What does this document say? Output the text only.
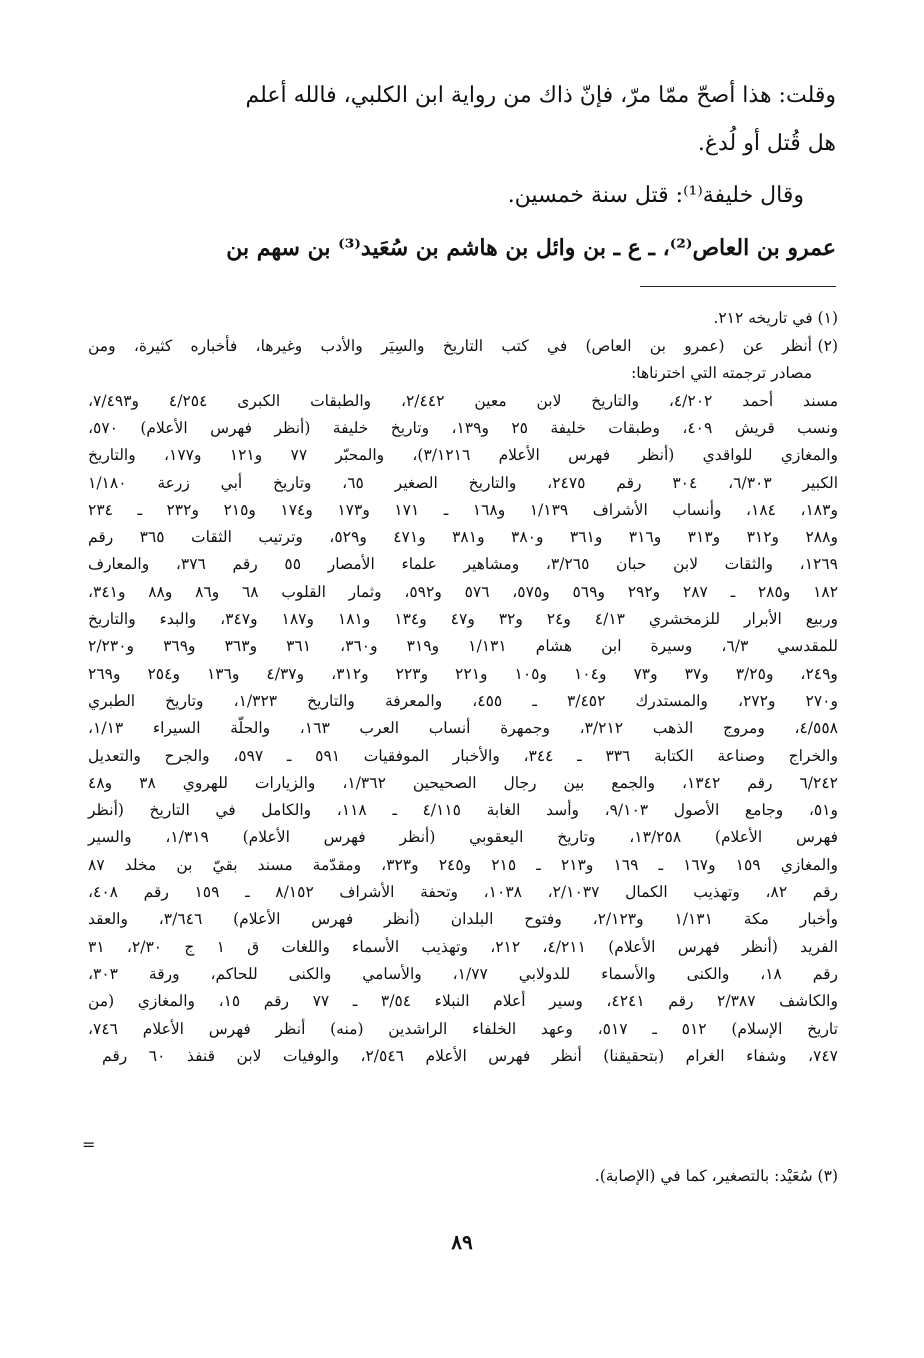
وقلت: هذا أصحّ ممّا مرّ، فإنّ ذاك من رواية ابن الكلبي، فالله أعلم
هل قُتل أو لُدغ.
وقال خليفة⁽¹⁾: قتل سنة خمسين.
عمرو بن العاص⁽²⁾، ـ ع ـ بن وائل بن هاشم بن سُعَيد⁽³⁾ بن سهم بن
(١) في تاريخه ٢١٢.
(٢)
أنظر عن (عمرو بن العاص) في كتب التاريخ والسِيَر والأدب وغيرها، فأخباره كثيرة، ومن
مصادر ترجمته التي اخترناها:
مسند أحمد ٤/٢٠٢، والتاريخ لابن معين ٢/٤٤٢، والطبقات الكبرى ٤/٢٥٤ و٧/٤٩٣،
ونسب قريش ٤٠٩، وطبقات خليفة ٢٥ و١٣٩، وتاريخ خليفة (أنظر فهرس الأعلام) ٥٧٠،
والمغازي للواقدي (أنظر فهرس الأعلام ٣/١٢١٦)، والمحبّر ٧٧ و١٢١ و١٧٧، والتاريخ
الكبير ٦/٣٠٣، ٣٠٤ رقم ٢٤٧٥، والتاريخ الصغير ٦٥، وتاريخ أبي زرعة ١/١٨٠
و١٨٣، ١٨٤، وأنساب الأشراف ١/١٣٩ و١٦٨ ـ ١٧١ و١٧٣ و١٧٤ و٢١٥ و٢٣٢ ـ ٢٣٤
و٢٨٨ و٣١٢ و٣١٣ و٣١٦ و٣٦١ و٣٨٠ و٣٨١ و٤٧١ و٥٢٩، وترتيب الثقات ٣٦٥ رقم
١٢٦٩، والثقات لابن حبان ٣/٢٦٥، ومشاهير علماء الأمصار ٥٥ رقم ٣٧٦، والمعارف
١٨٢ و٢٨٥ ـ ٢٨٧ و٢٩٢ و٥٦٩ و٥٧٥، ٥٧٦ و٥٩٢، وثمار القلوب ٦٨ و٨٦ و٨٨ و٣٤١،
وربيع الأبرار للزمخشري ٤/١٣ و٢٤ و٣٢ و٤٧ و١٣٤ و١٨١ و١٨٧ و٣٤٧، والبدء والتاريخ
للمقدسي ٦/٣، وسيرة ابن هشام ١/١٣١ و٣١٩ و٣٦٠، ٣٦١ و٣٦٣ و٣٦٩ و٢/٢٣٠
و٢٤٩، و٣/٢٥ و٣٧ و٧٣ و١٠٤ و١٠٥ و٢٢١ و٢٢٣ و٣١٢، و٤/٣٧ و١٣٦ و٢٥٤ و٢٦٩
و٢٧٠ و٢٧٢، والمستدرك ٣/٤٥٢ ـ ٤٥٥، والمعرفة والتاريخ ١/٣٢٣، وتاريخ الطبري
٤/٥٥٨، ومروج الذهب ٣/٢١٢، وجمهرة أنساب العرب ١٦٣، والحلّة السيراء ١/١٣،
والخراج وصناعة الكتابة ٣٣٦ ـ ٣٤٤، والأخبار الموفقيات ٥٩١ ـ ٥٩٧، والجرح والتعديل
٦/٢٤٢ رقم ١٣٤٢، والجمع بين رجال الصحيحين ١/٣٦٢، والزيارات للهروي ٣٨ و٤٨
و٥١، وجامع الأصول ٩/١٠٣، وأسد الغابة ٤/١١٥ ـ ١١٨، والكامل في التاريخ (أنظر
فهرس الأعلام) ١٣/٢٥٨، وتاريخ اليعقوبي (أنظر فهرس الأعلام) ١/٣١٩، والسير
والمغازي ١٥٩ و١٦٧ ـ ١٦٩ و٢١٣ ـ ٢١٥ و٢٤٥ و٣٢٣، ومقدّمة مسند بقيّ بن مخلد ٨٧
رقم ٨٢، وتهذيب الكمال ٢/١٠٣٧، ١٠٣٨، وتحفة الأشراف ٨/١٥٢ ـ ١٥٩ رقم ٤٠٨،
وأخبار مكة ١/١٣١ و٢/١٢٣، وفتوح البلدان (أنظر فهرس الأعلام) ٣/٦٤٦، والعقد
الفريد (أنظر فهرس الأعلام) ٤/٢١١، ٢١٢، وتهذيب الأسماء واللغات ق ١ ج ٢/٣٠، ٣١
رقم ١٨، والكنى والأسماء للدولابي ١/٧٧، والأسامي والكنى للحاكم، ورقة ٣٠٣،
والكاشف ٢/٣٨٧ رقم ٤٢٤١، وسير أعلام النبلاء ٣/٥٤ ـ ٧٧ رقم ١٥، والمغازي (من
تاريخ الإسلام) ٥١٢ ـ ٥١٧، وعهد الخلفاء الراشدين (منه) أنظر فهرس الأعلام ٧٤٦،
٧٤٧، وشفاء الغرام (بتحقيقنا) أنظر فهرس الأعلام ٢/٥٤٦، والوفيات لابن قنفذ ٦٠ رقم
=
(٣) سُعَيْد: بالتصغير، كما في (الإصابة).
٨٩
